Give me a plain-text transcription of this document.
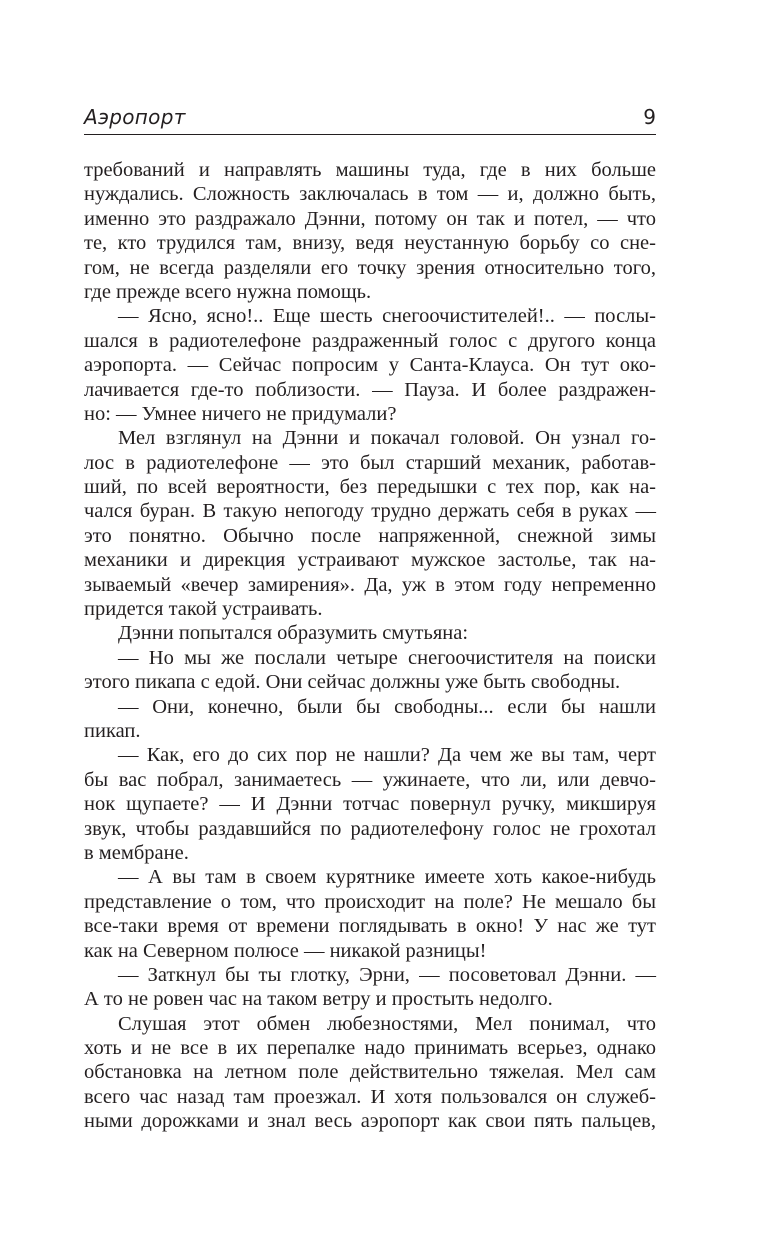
Аэропорт	9
требований и направлять машины туда, где в них больше
нуждались. Сложность заключалась в том — и, должно быть,
именно это раздражало Дэнни, потому он так и потел, — что
те, кто трудился там, внизу, ведя неустанную борьбу со сне-
гом, не всегда разделяли его точку зрения относительно того,
где прежде всего нужна помощь.
— Ясно, ясно!.. Еще шесть снегоочистителей!.. — послы-
шался в радиотелефоне раздраженный голос с другого конца
аэропорта. — Сейчас попросим у Санта-Клауса. Он тут око-
лачивается где-то поблизости. — Пауза. И более раздражен-
но: — Умнее ничего не придумали?
Мел взглянул на Дэнни и покачал головой. Он узнал го-
лос в радиотелефоне — это был старший механик, работав-
ший, по всей вероятности, без передышки с тех пор, как на-
чался буран. В такую непогоду трудно держать себя в руках —
это понятно. Обычно после напряженной, снежной зимы
механики и дирекция устраивают мужское застолье, так на-
зываемый «вечер замирения». Да, уж в этом году непременно
придется такой устраивать.
Дэнни попытался образумить смутьяна:
— Но мы же послали четыре снегоочистителя на поиски
этого пикапа с едой. Они сейчас должны уже быть свободны.
— Они, конечно, были бы свободны... если бы нашли
пикап.
— Как, его до сих пор не нашли? Да чем же вы там, черт
бы вас побрал, занимаетесь — ужинаете, что ли, или девчо-
нок щупаете? — И Дэнни тотчас повернул ручку, микшируя
звук, чтобы раздавшийся по радиотелефону голос не грохотал
в мембране.
— А вы там в своем курятнике имеете хоть какое-нибудь
представление о том, что происходит на поле? Не мешало бы
все-таки время от времени поглядывать в окно! У нас же тут
как на Северном полюсе — никакой разницы!
— Заткнул бы ты глотку, Эрни, — посоветовал Дэнни. —
А то не ровен час на таком ветру и простыть недолго.
Слушая этот обмен любезностями, Мел понимал, что
хоть и не все в их перепалке надо принимать всерьез, однако
обстановка на летном поле действительно тяжелая. Мел сам
всего час назад там проезжал. И хотя пользовался он служеб-
ными дорожками и знал весь аэропорт как свои пять пальцев,
